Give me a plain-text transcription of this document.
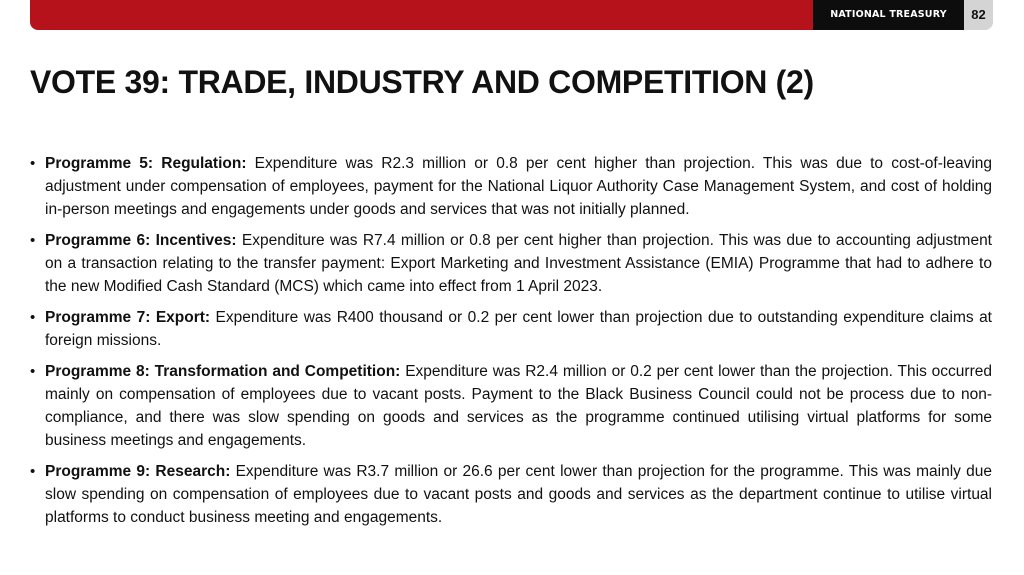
NATIONAL TREASURY 82
VOTE 39: TRADE, INDUSTRY AND COMPETITION (2)
• Programme 5: Regulation: Expenditure was R2.3 million or 0.8 per cent higher than projection. This was due to cost-of-leaving adjustment under compensation of employees, payment for the National Liquor Authority Case Management System, and cost of holding in-person meetings and engagements under goods and services that was not initially planned.
• Programme 6: Incentives: Expenditure was R7.4 million or 0.8 per cent higher than projection. This was due to accounting adjustment on a transaction relating to the transfer payment: Export Marketing and Investment Assistance (EMIA) Programme that had to adhere to the new Modified Cash Standard (MCS) which came into effect from 1 April 2023.
• Programme 7: Export: Expenditure was R400 thousand or 0.2 per cent lower than projection due to outstanding expenditure claims at foreign missions.
• Programme 8: Transformation and Competition: Expenditure was R2.4 million or 0.2 per cent lower than the projection. This occurred mainly on compensation of employees due to vacant posts. Payment to the Black Business Council could not be process due to non-compliance, and there was slow spending on goods and services as the programme continued utilising virtual platforms for some business meetings and engagements.
• Programme 9: Research: Expenditure was R3.7 million or 26.6 per cent lower than projection for the programme. This was mainly due slow spending on compensation of employees due to vacant posts and goods and services as the department continue to utilise virtual platforms to conduct business meeting and engagements.
